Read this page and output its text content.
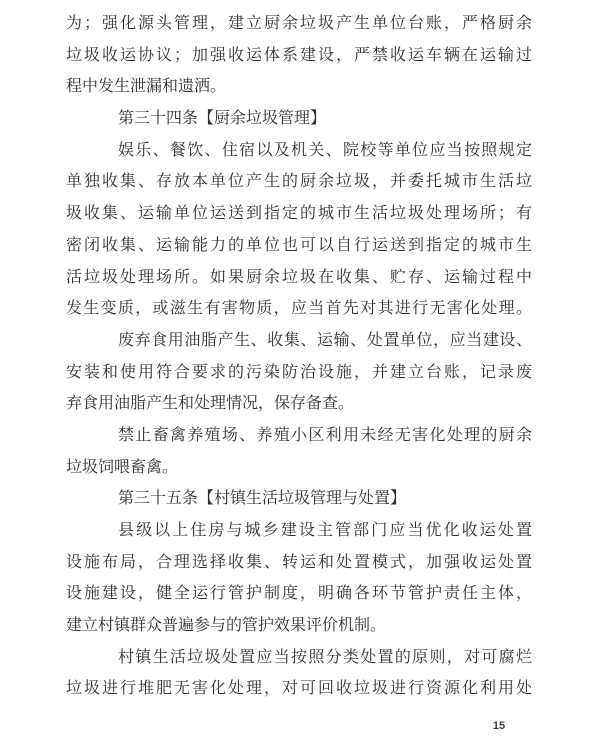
为；强化源头管理，建立厨余垃圾产生单位台账，严格厨余
垃圾收运协议；加强收运体系建设，严禁收运车辆在运输过
程中发生泄漏和遗洒。
第三十四条【厨余垃圾管理】
娱乐、餐饮、住宿以及机关、院校等单位应当按照规定
单独收集、存放本单位产生的厨余垃圾，并委托城市生活垃
圾收集、运输单位运送到指定的城市生活垃圾处理场所；有
密闭收集、运输能力的单位也可以自行运送到指定的城市生
活垃圾处理场所。如果厨余垃圾在收集、贮存、运输过程中
发生变质，或滋生有害物质，应当首先对其进行无害化处理。
废弃食用油脂产生、收集、运输、处置单位，应当建设、
安装和使用符合要求的污染防治设施，并建立台账，记录废
弃食用油脂产生和处理情况，保存备查。
禁止畜禽养殖场、养殖小区利用未经无害化处理的厨余
垃圾饲喂畜禽。
第三十五条【村镇生活垃圾管理与处置】
县级以上住房与城乡建设主管部门应当优化收运处置
设施布局，合理选择收集、转运和处置模式，加强收运处置
设施建设，健全运行管护制度，明确各环节管护责任主体，
建立村镇群众普遍参与的管护效果评价机制。
村镇生活垃圾处置应当按照分类处置的原则，对可腐烂
垃圾进行堆肥无害化处理，对可回收垃圾进行资源化利用处
15
